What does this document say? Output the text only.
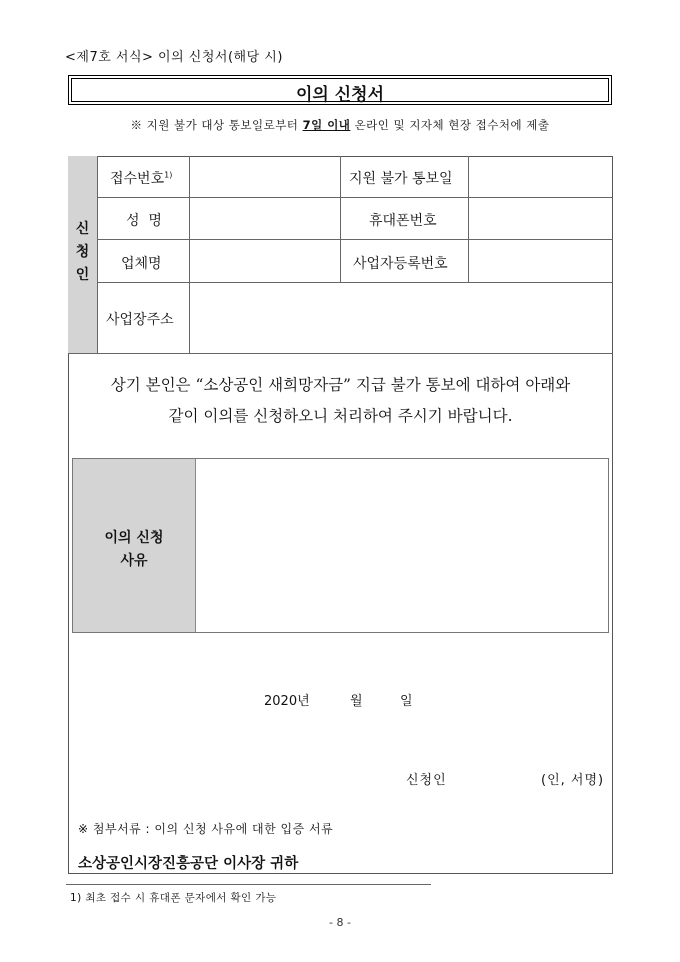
<제7호 서식> 이의 신청서(해당 시)
이의 신청서
※ 지원 불가 대상 통보일로부터 7일 이내 온라인 및 지자체 현장 접수처에 제출
신
청
인
접수번호$^{1)}$	지원 불가 통보일
성  명	휴대폰번호
업체명	사업자등록번호
사업장주소
상기 본인은 “소상공인 새희망자금” 지급 불가 통보에 대하여 아래와
같이 이의를 신청하오니 처리하여 주시기 바랍니다.
이의 신청
사유
2020년	월	일
신청인	(인, 서명)
※ 첨부서류 : 이의 신청 사유에 대한 입증 서류
소상공인시장진흥공단 이사장 귀하
1) 최초 접수 시 휴대폰 문자에서 확인 가능
- 8 -
